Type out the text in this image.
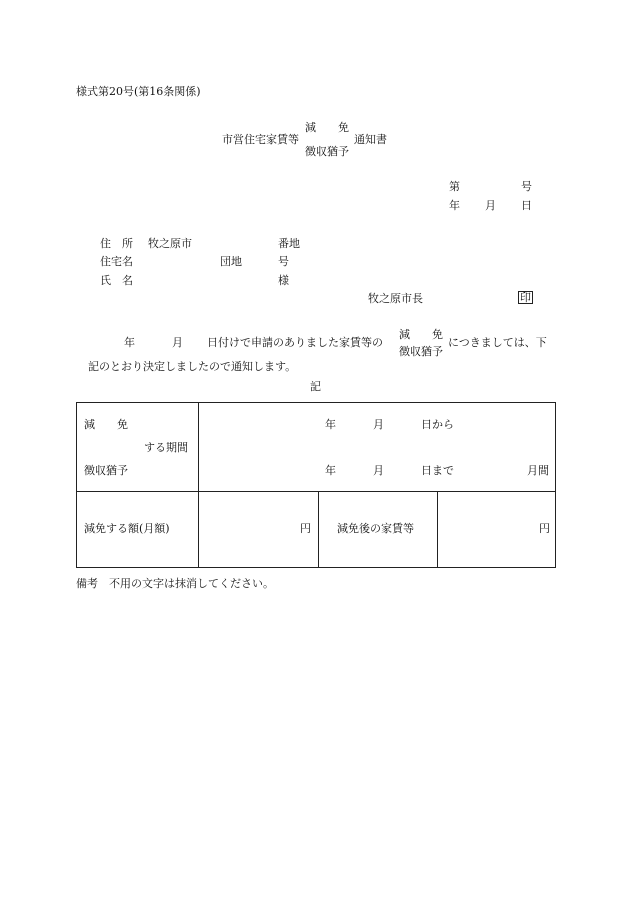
様式第20号(第16条関係)
市営住宅家賃等
減　　免
徴収猶予
通知書
第	号
年 月 日
住　所 牧之原市	番地
住宅名	団地	号
氏　名	様
牧之原市長	印
年	月 日付けで申請のありました家賃等の
減　　免
徴収猶予
につきましては、下
記のとおり決定しましたので通知します。
記
減　　免
する期間
徴収猶予
年	月	日から
年	月	日まで	月間
減免する額(月額)	円 減免後の家賃等	円
備考　不用の文字は抹消してください。
